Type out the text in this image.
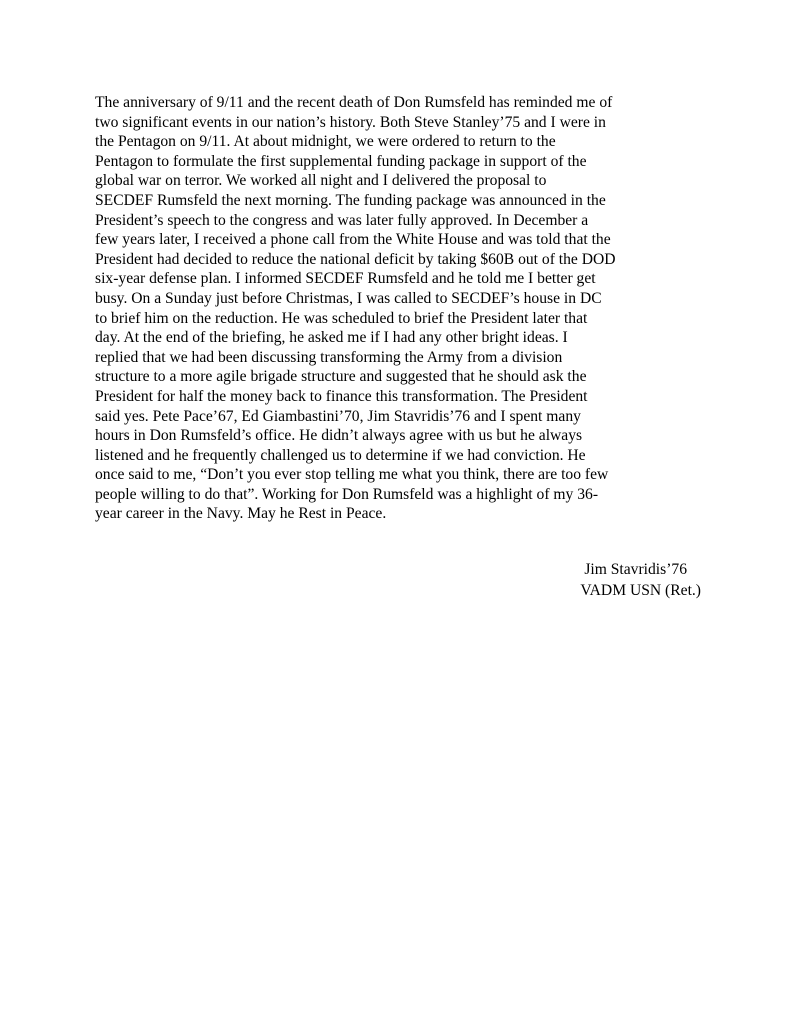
The anniversary of 9/11 and the recent death of Don Rumsfeld has reminded me of
two significant events in our nation’s history. Both Steve Stanley’75 and I were in
the Pentagon on 9/11. At about midnight, we were ordered to return to the
Pentagon to formulate the first supplemental funding package in support of the
global war on terror. We worked all night and I delivered the proposal to
SECDEF Rumsfeld the next morning. The funding package was announced in the
President’s speech to the congress and was later fully approved. In December a
few years later, I received a phone call from the White House and was told that the
President had decided to reduce the national deficit by taking $60B out of the DOD
six-year defense plan. I informed SECDEF Rumsfeld and he told me I better get
busy. On a Sunday just before Christmas, I was called to SECDEF’s house in DC
to brief him on the reduction. He was scheduled to brief the President later that
day. At the end of the briefing, he asked me if I had any other bright ideas. I
replied that we had been discussing transforming the Army from a division
structure to a more agile brigade structure and suggested that he should ask the
President for half the money back to finance this transformation. The President
said yes. Pete Pace’67, Ed Giambastini’70, Jim Stavridis’76 and I spent many
hours in Don Rumsfeld’s office. He didn’t always agree with us but he always
listened and he frequently challenged us to determine if we had conviction. He
once said to me, “Don’t you ever stop telling me what you think, there are too few
people willing to do that”. Working for Don Rumsfeld was a highlight of my 36-
year career in the Navy. May he Rest in Peace.
Jim Stavridis’76
VADM USN (Ret.)
